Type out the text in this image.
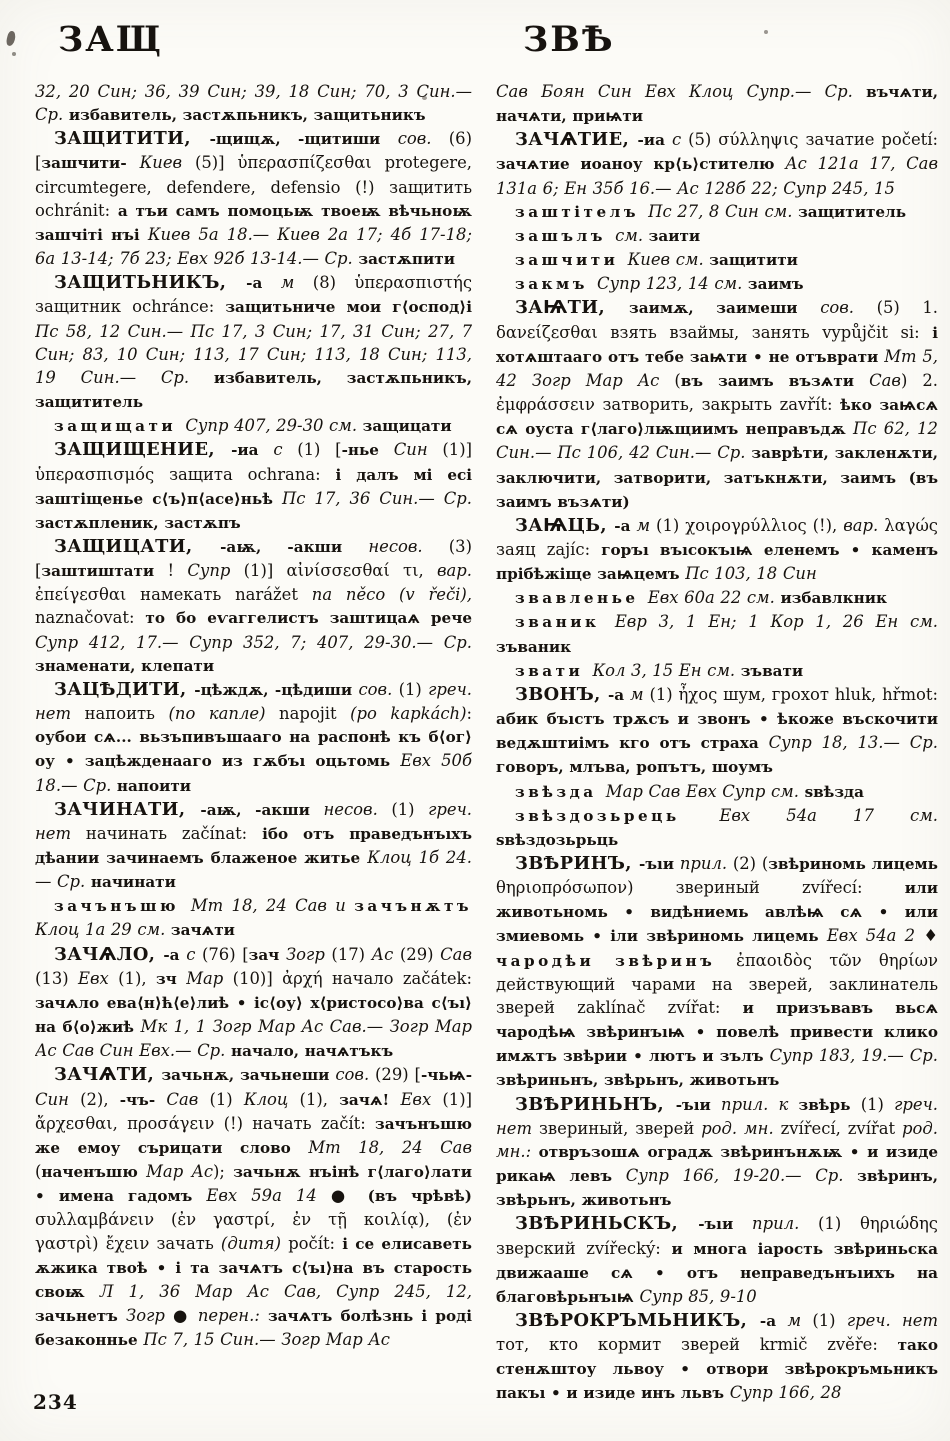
ЗАЩ	ЗВѢ

32, 20 Син; 36, 39 Син; 39, 18 Син; 70, 3 Син.— Ср. избавитель, застѫпьникъ, защитьникъ

ЗАЩИТИТИ, -щищѫ, -щитиши сов. (6) [зашчити- Киев (5)] ὑπερασπίζεσθαι protegere, circumtegere, defendere, defensio (!) защитить ochránit: а тъи самъ помоцьѭ твоеѭ вѣчьноѭ зашчіті нъі Киев 5а 18.— Киев 2а 17; 4б 17-18; 6а 13-14; 7б 23; Евх 92б 13-14.— Ср. застѫпити

ЗАЩИТЬНИКЪ, -а м (8) ὑπερασπιστής защитник ochránce: защитьниче мои г⟨оспод⟩і Пс 58, 12 Син.— Пс 17, 3 Син; 17, 31 Син; 27, 7 Син; 83, 10 Син; 113, 17 Син; 113, 18 Син; 113, 19 Син.— Ср. избавитель, застѫпьникъ, защититель

защищати Супр 407, 29-30 см. защицати

ЗАЩИЩЕНИЕ, -иа с (1) [-нье Син (1)] ὑπερασπισμός защита ochrana: і далъ мі есі заштіщенье с⟨ъ⟩п⟨асе⟩ньѣ Пс 17, 36 Син.— Ср. застѫпленик, застѫпъ

ЗАЩИЦАТИ, -аѭ, -акши несов. (3) [заштиштати ! Супр (1)] αἰνίσσεσθαί τι, вар. ἐπείγεσθαι намекать narážet na něco (v řeči), naznačovat: то бо еѵаггелистъ заштицаѧ рече Супр 412, 17.— Супр 352, 7; 407, 29-30.— Ср. знаменати, клепати

ЗАЦѢДИТИ, -цѣждѫ, -цѣдиши сов. (1) греч. нет напоить (по капле) napojit (po kapkách): оубои сѧ... вьзъпивъшааго на распонѣ къ б⟨ог⟩оу • зацѣжденааго из гѫбъı оцьтомь Евх 50б 18.— Ср. напоити

ЗАЧИНАТИ, -аѭ, -акши несов. (1) греч. нет начинать začínat: ібо отъ праведънъıхъ дѣании зачинаемъ блаженое житье Клоц 1б 24.— Ср. начинати

зачънъшю Мт 18, 24 Сав и зачънѫтъ Клоц 1а 29 см. зачѧти

ЗАЧѦЛО, -а с (76) [зач Зогр (17) Ас (29) Сав (13) Евх (1), зч Мар (10)] ἀρχή начало začátek: зачѧло ева⟨н⟩ћ⟨е⟩лиѣ • іс⟨оу⟩ х⟨ристосо⟩ва с⟨ъı⟩на б⟨о⟩жиѣ Мк 1, 1 Зогр Мар Ас Сав.— Зогр Мар Ас Сав Син Евх.— Ср. начало, начѧтъкъ

ЗАЧѦТИ, зачьнѫ, зачьнеши сов. (29) [-чьѩ- Син (2), -чъ- Сав (1) Клоц (1), зачѧ! Евх (1)] ἄρχεσθαι, προσάγειν (!) начать začít: зачънъшю же емоу сърицати слово Мт 18, 24 Сав (наченъшю Мар Ас); зачьнѫ нъінѣ г⟨лаго⟩лати • имена гадомъ Евх 59а 14 ● (въ чрѣвѣ) συλλαμβάνειν (ἐν γαστρί, ἐν τῇ κοιλίᾳ), (ἐν γαστρὶ) ἔχειν зачать (дитя) počít: і се елисаветь ѫжика твоѣ • і та зачѧтъ с⟨ъı⟩на въ старость своѭ Л 1, 36 Мар Ас Сав, Супр 245, 12, зачьнетъ Зогр ● перен.: зачѧтъ болѣзнь і роді безаконнье Пс 7, 15 Син.— Зогр Мар Ас

Сав Боян Син Евх Клоц Супр.— Ср. въчѧти, начѧти, приѩти

ЗАЧѦТИЕ, -иа с (5) σύλληψις зачатие početí: зачѧтие иоаноу кр⟨ь⟩стителю Ас 121а 17, Сав 131а 6; Ен 35б 16.— Ас 128б 22; Супр 245, 15

заштітелъ Пс 27, 8 Син см. защититель

зашълъ см. заити

зашчити Киев см. защитити

закмъ Супр 123, 14 см. заимъ

ЗАѨТИ, заимѫ, заимеши сов. (5) 1. δανείζεσθαι взять взаймы, занять vypůjčit si: і хотѧштааго отъ тебе заѩти • не отъврати Мт 5, 42 Зогр Мар Ас (въ заимъ възѧти Сав) 2. ἐμφράσσειν затворить, закрыть zavřít: ѣко заѩсѧ сѧ оуста г⟨лаго⟩лѭщиимъ неправъдѫ Пс 62, 12 Син.— Пс 106, 42 Син.— Ср. заврѣти, закленѫти, заключити, затворити, затъкнѫти, заимъ (въ заимъ възѧти)

ЗАѨЦЬ, -а м (1) χοιρογρύλλιος (!), вар. λαγώς заяц zajíc: горъı въıсокъıѩ еленемъ • каменъ прібѣжіще заѩцемъ Пс 103, 18 Син

звавленье Евх 60а 22 см. избавлкник

званик Евр 3, 1 Ен; 1 Кор 1, 26 Ен см. зъваник

звати Кол 3, 15 Ен см. зъвати

ЗВОНЪ, -а м (1) ἦχος шум, грохот hluk, hřmot: абик бъıстъ трѫсъ и звонъ • ѣкоже въскочити ведѫштиімъ кго отъ страха Супр 18, 13.— Ср. говоръ, млъва, ропътъ, шоумъ

звѣзда Мар Сав Евх Супр см. ѕвѣзда

звѣздозьрець Евх 54а 17 см. ѕвѣздозьрьць

ЗВѢРИНЪ, -ъıи прил. (2) (звѣриномь лицемь θηριοπρόσωπον) звериный zvířecí: или животьномь • видѣниемь авлѣѩ сѧ • или змиевомь • іли звѣриномь лицемь Евх 54а 2 ♦ чародѣи звѣринъ ἐπαοιδὸς τῶν θηρίων действующий чарами на зверей, заклинатель зверей zaklínač zvířat: и призъвавъ вьсѧ чародѣѩ звѣринъıѩ • повелѣ привести клико имѫтъ звѣрии • лютъ и зълъ Супр 183, 19.— Ср. звѣриньнъ, звѣрьнъ, животьнъ

ЗВѢРИНЬНЪ, -ъıи прил. к звѣрь (1) греч. нет звериный, зверей род. мн. zvířecí, zvířat род. мн.: отвръзошѧ оградѫ звѣринънѫѭ • и изиде рикаѩ левъ Супр 166, 19-20.— Ср. звѣринъ, звѣрьнъ, животьнъ

ЗВѢРИНЬСКЪ, -ъıи прил. (1) θηριώδης зверский zvířecký: и многа іарость звѣриньска движааше сѧ • отъ неправедънъıихъ на благовѣрьнъıѩ Супр 85, 9-10

ЗВѢРОКРЪМЬНИКЪ, -а м (1) греч. нет тот, кто кормит зверей krmič zvěře: тако стенѫштоу львоу • отвори звѣрокръмьникъ пакъı • и изиде инъ львъ Супр 166, 28

234
